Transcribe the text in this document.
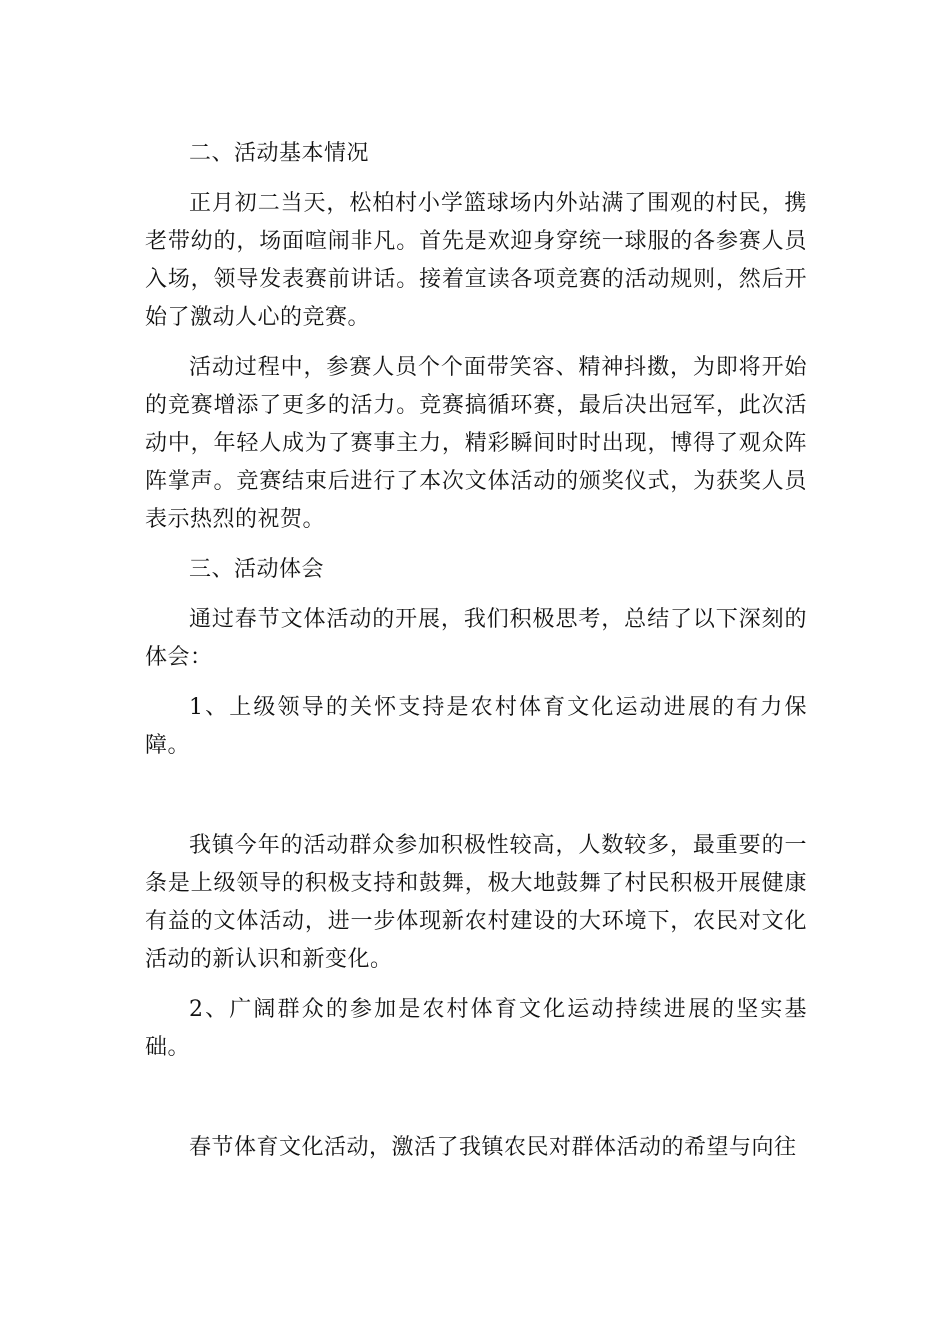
二、活动基本情况

正月初二当天，松柏村小学篮球场内外站满了围观的村民，携老带幼的，场面喧闹非凡。首先是欢迎身穿统一球服的各参赛人员入场，领导发表赛前讲话。接着宣读各项竞赛的活动规则，然后开始了激动人心的竞赛。

活动过程中，参赛人员个个面带笑容、精神抖擞，为即将开始的竞赛增添了更多的活力。竞赛搞循环赛，最后决出冠军，此次活动中，年轻人成为了赛事主力，精彩瞬间时时出现，博得了观众阵阵掌声。竞赛结束后进行了本次文体活动的颁奖仪式，为获奖人员表示热烈的祝贺。

三、活动体会

通过春节文体活动的开展，我们积极思考，总结了以下深刻的体会：

1、上级领导的关怀支持是农村体育文化运动进展的有力保障。

我镇今年的活动群众参加积极性较高，人数较多，最重要的一条是上级领导的积极支持和鼓舞，极大地鼓舞了村民积极开展健康有益的文体活动，进一步体现新农村建设的大环境下，农民对文化活动的新认识和新变化。

2、广阔群众的参加是农村体育文化运动持续进展的坚实基础。

春节体育文化活动，激活了我镇农民对群体活动的希望与向往
